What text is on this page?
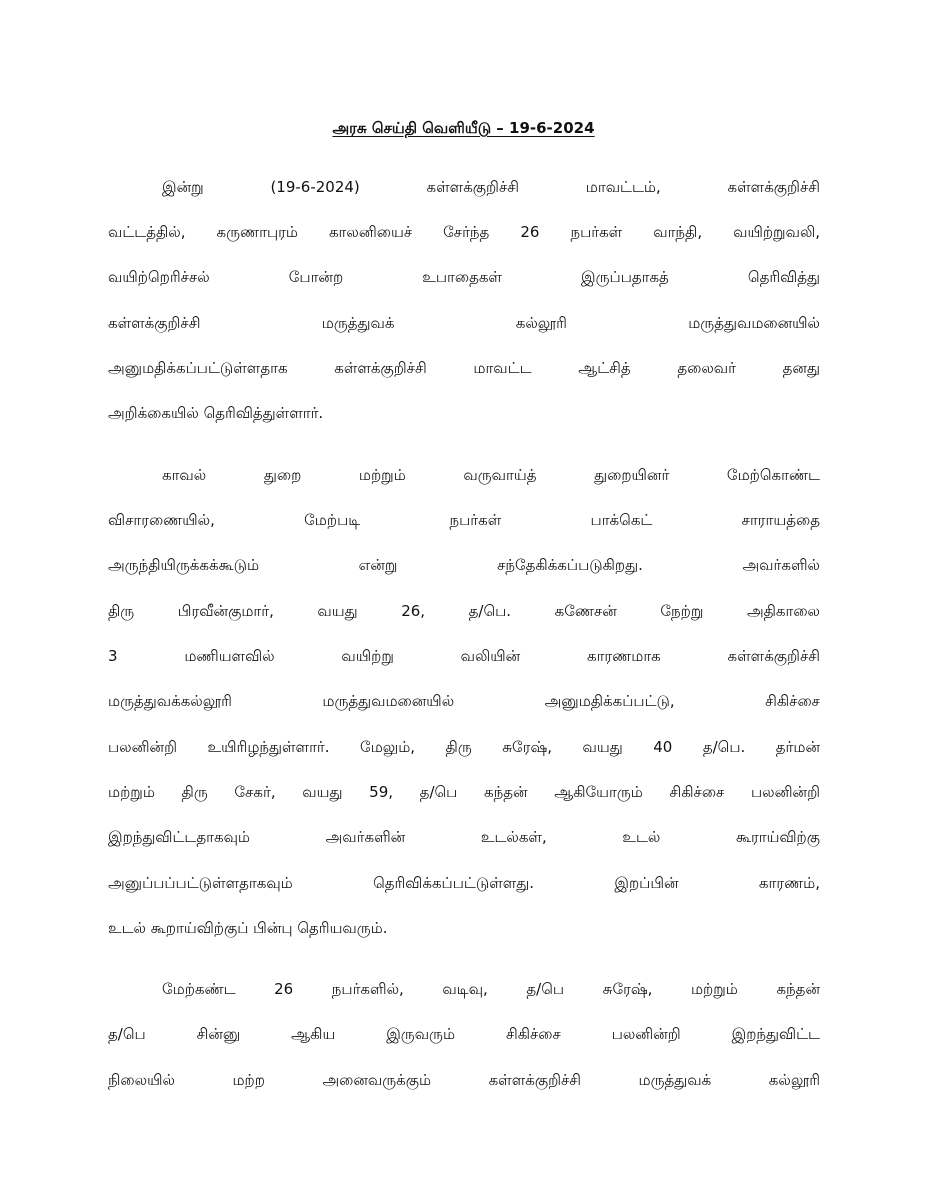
அரசு செய்தி வெளியீடு – 19-6-2024
இன்று (19-6-2024) கள்ளக்குறிச்சி மாவட்டம், கள்ளக்குறிச்சி
வட்டத்தில், கருணாபுரம் காலனியைச் சேர்ந்த 26 நபர்கள் வாந்தி, வயிற்றுவலி,
வயிற்றெரிச்சல் போன்ற உபாதைகள் இருப்பதாகத் தெரிவித்து
கள்ளக்குறிச்சி மருத்துவக் கல்லூரி மருத்துவமனையில்
அனுமதிக்கப்பட்டுள்ளதாக கள்ளக்குறிச்சி மாவட்ட ஆட்சித் தலைவர் தனது
அறிக்கையில் தெரிவித்துள்ளார்.
காவல் துறை மற்றும் வருவாய்த் துறையினர் மேற்கொண்ட
விசாரணையில், மேற்படி நபர்கள் பாக்கெட் சாராயத்தை
அருந்தியிருக்கக்கூடும் என்று சந்தேகிக்கப்படுகிறது. அவர்களில்
திரு பிரவீன்குமார், வயது 26, த/பெ. கணேசன் நேற்று அதிகாலை
3 மணியளவில் வயிற்று வலியின் காரணமாக கள்ளக்குறிச்சி
மருத்துவக்கல்லூரி மருத்துவமனையில் அனுமதிக்கப்பட்டு, சிகிச்சை
பலனின்றி உயிரிழந்துள்ளார். மேலும், திரு சுரேஷ், வயது 40 த/பெ. தர்மன்
மற்றும் திரு சேகர், வயது 59, த/பெ கந்தன் ஆகியோரும் சிகிச்சை பலனின்றி
இறந்துவிட்டதாகவும் அவர்களின் உடல்கள், உடல் கூராய்விற்கு
அனுப்பப்பட்டுள்ளதாகவும் தெரிவிக்கப்பட்டுள்ளது. இறப்பின் காரணம்,
உடல் கூறாய்விற்குப் பின்பு தெரியவரும்.
மேற்கண்ட 26 நபர்களில், வடிவு, த/பெ சுரேஷ், மற்றும் கந்தன்
த/பெ சின்னு ஆகிய இருவரும் சிகிச்சை பலனின்றி இறந்துவிட்ட
நிலையில் மற்ற அனைவருக்கும் கள்ளக்குறிச்சி மருத்துவக் கல்லூரி
